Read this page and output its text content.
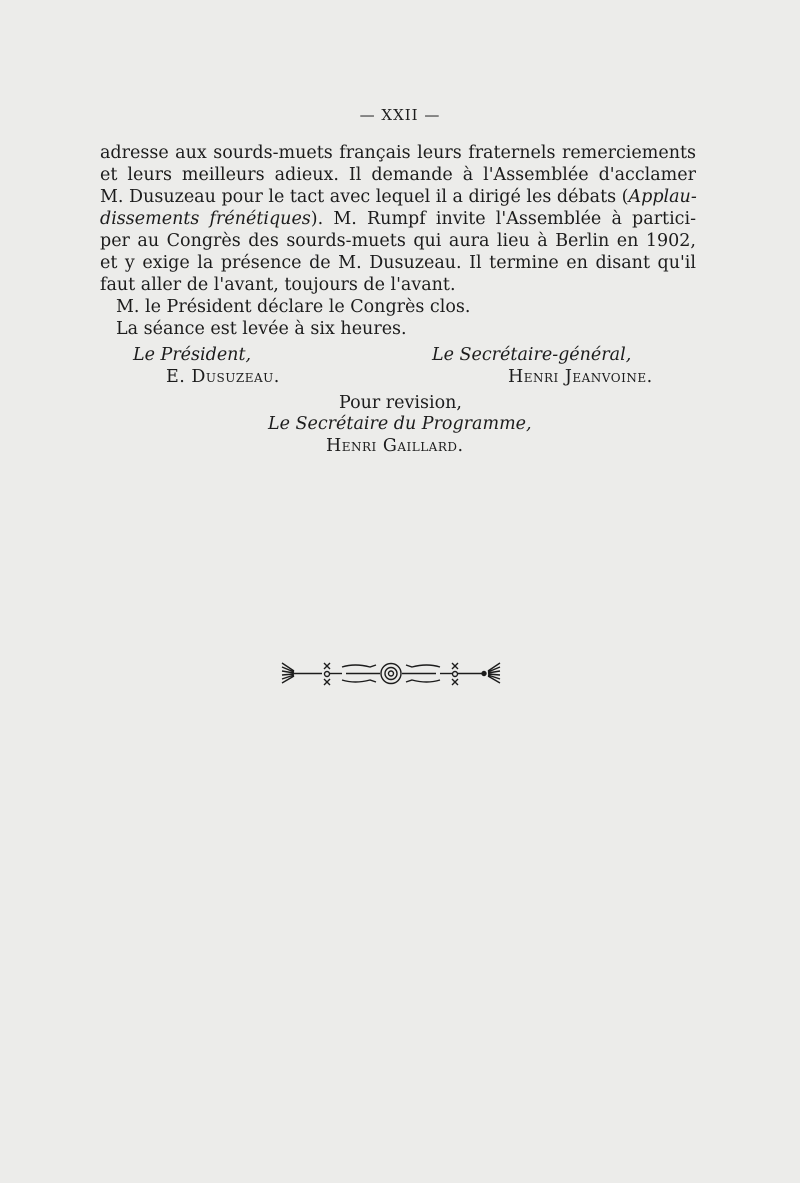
— XXII —
adresse aux sourds-muets français leurs fraternels remerciements
et leurs meilleurs adieux. Il demande à l'Assemblée d'acclamer
M. Dusuzeau pour le tact avec lequel il a dirigé les débats (Applau-
dissements frénétiques). M. Rumpf invite l'Assemblée à partici-
per au Congrès des sourds-muets qui aura lieu à Berlin en 1902,
et y exige la présence de M. Dusuzeau. Il termine en disant qu'il
faut aller de l'avant, toujours de l'avant.
M. le Président déclare le Congrès clos.
La séance est levée à six heures.
Le Président,
E. Dusuzeau.
Le Secrétaire-général,
Henri Jeanvoine.
Pour revision,
Le Secrétaire du Programme,
Henri Gaillard.
